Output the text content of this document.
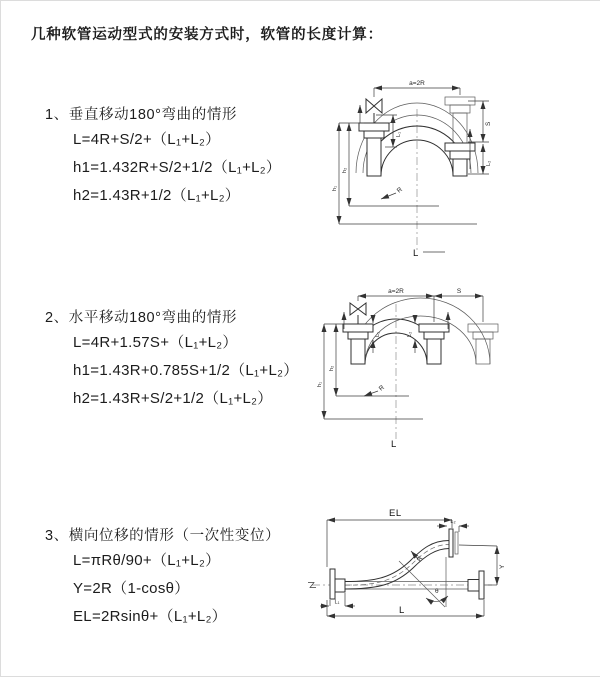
几种软管运动型式的安装方式时，软管的长度计算：
1、垂直移动180°弯曲的情形
L=4R+S/2+（L₁+L₂）
h1=1.432R+S/2+1/2（L₁+L₂）
h2=1.43R+1/2（L₁+L₂）
2、水平移动180°弯曲的情形
L=4R+1.57S+（L₁+L₂）
h1=1.43R+0.785S+1/2（L₁+L₂）
h2=1.43R+S/2+1/2（L₁+L₂）
3、横向位移的情形（一次性变位）
L=πRθ/90+（L₁+L₂）
Y=2R（1-cosθ）
EL=2Rsinθ+（L₁+L₂）
a=2R
S
L₂
L₁
h₁
h₂
R
L
a=2R	S
L₁	L₂
h₁
h₂
R
L
θ
EL
L₂
Y
R
L₁
L
